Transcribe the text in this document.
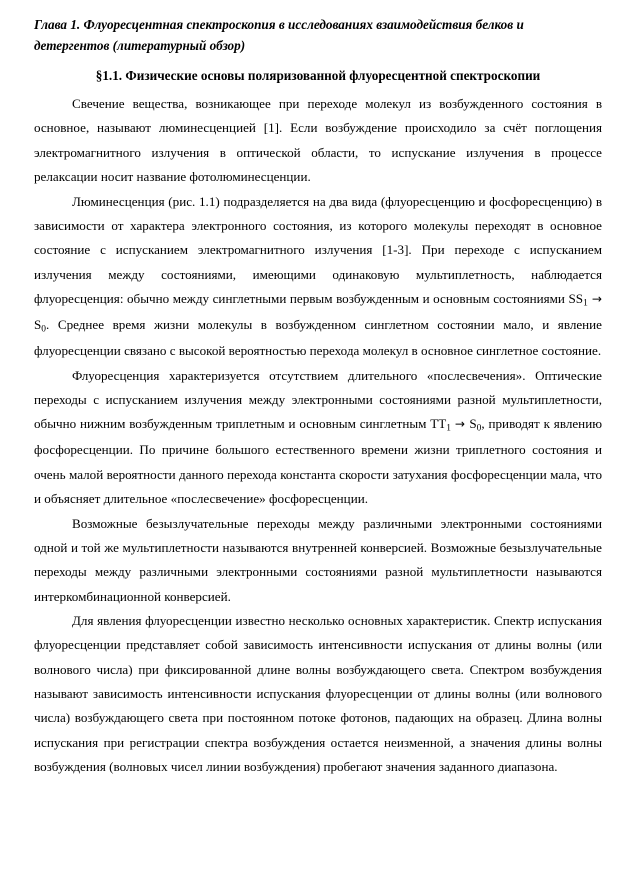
Глава 1. Флуоресцентная спектроскопия в исследованиях взаимодействия белков и
детергентов (литературный обзор)
§1.1. Физические основы поляризованной флуоресцентной спектроскопии

Свечение вещества, возникающее при переходе молекул из возбужденного состояния в основное, называют люминесценцией [1]. Если возбуждение происходило за счёт поглощения электромагнитного излучения в оптической области, то испускание излучения в процессе релаксации носит название фотолюминесценции.

Люминесценция (рис. 1.1) подразделяется на два вида (флуоресценцию и фосфоресценцию) в зависимости от характера электронного состояния, из которого молекулы переходят в основное состояние с испусканием электромагнитного излучения [1-3]. При переходе с испусканием излучения между состояниями, имеющими одинаковую мультиплетность, наблюдается флуоресценция: обычно между синглетными первым возбужденным и основным состояниями $SS_1 \to S_0$. Среднее время жизни молекулы в возбужденном синглетном состоянии мало, и явление флуоресценции связано с высокой вероятностью перехода молекул в основное синглетное состояние.

Флуоресценция характеризуется отсутствием длительного «послесвечения». Оптические переходы с испусканием излучения между электронными состояниями разной мультиплетности, обычно нижним возбужденным триплетным и основным синглетным $TT_1 \to S_0$, приводят к явлению фосфоресценции. По причине большого естественного времени жизни триплетного состояния и очень малой вероятности данного перехода константа скорости затухания фосфоресценции мала, что и объясняет длительное «послесвечение» фосфоресценции.

Возможные безызлучательные переходы между различными электронными состояниями одной и той же мультиплетности называются внутренней конверсией. Возможные безызлучательные переходы между различными электронными состояниями разной мультиплетности называются интеркомбинационной конверсией.

Для явления флуоресценции известно несколько основных характеристик. Спектр испускания флуоресценции представляет собой зависимость интенсивности испускания от длины волны (или волнового числа) при фиксированной длине волны возбуждающего света. Спектром возбуждения называют зависимость интенсивности испускания флуоресценции от длины волны (или волнового числа) возбуждающего света при постоянном потоке фотонов, падающих на образец. Длина волны испускания при регистрации спектра возбуждения остается неизменной, а значения длины волны возбуждения (волновых чисел линии возбуждения) пробегают значения заданного диапазона.
